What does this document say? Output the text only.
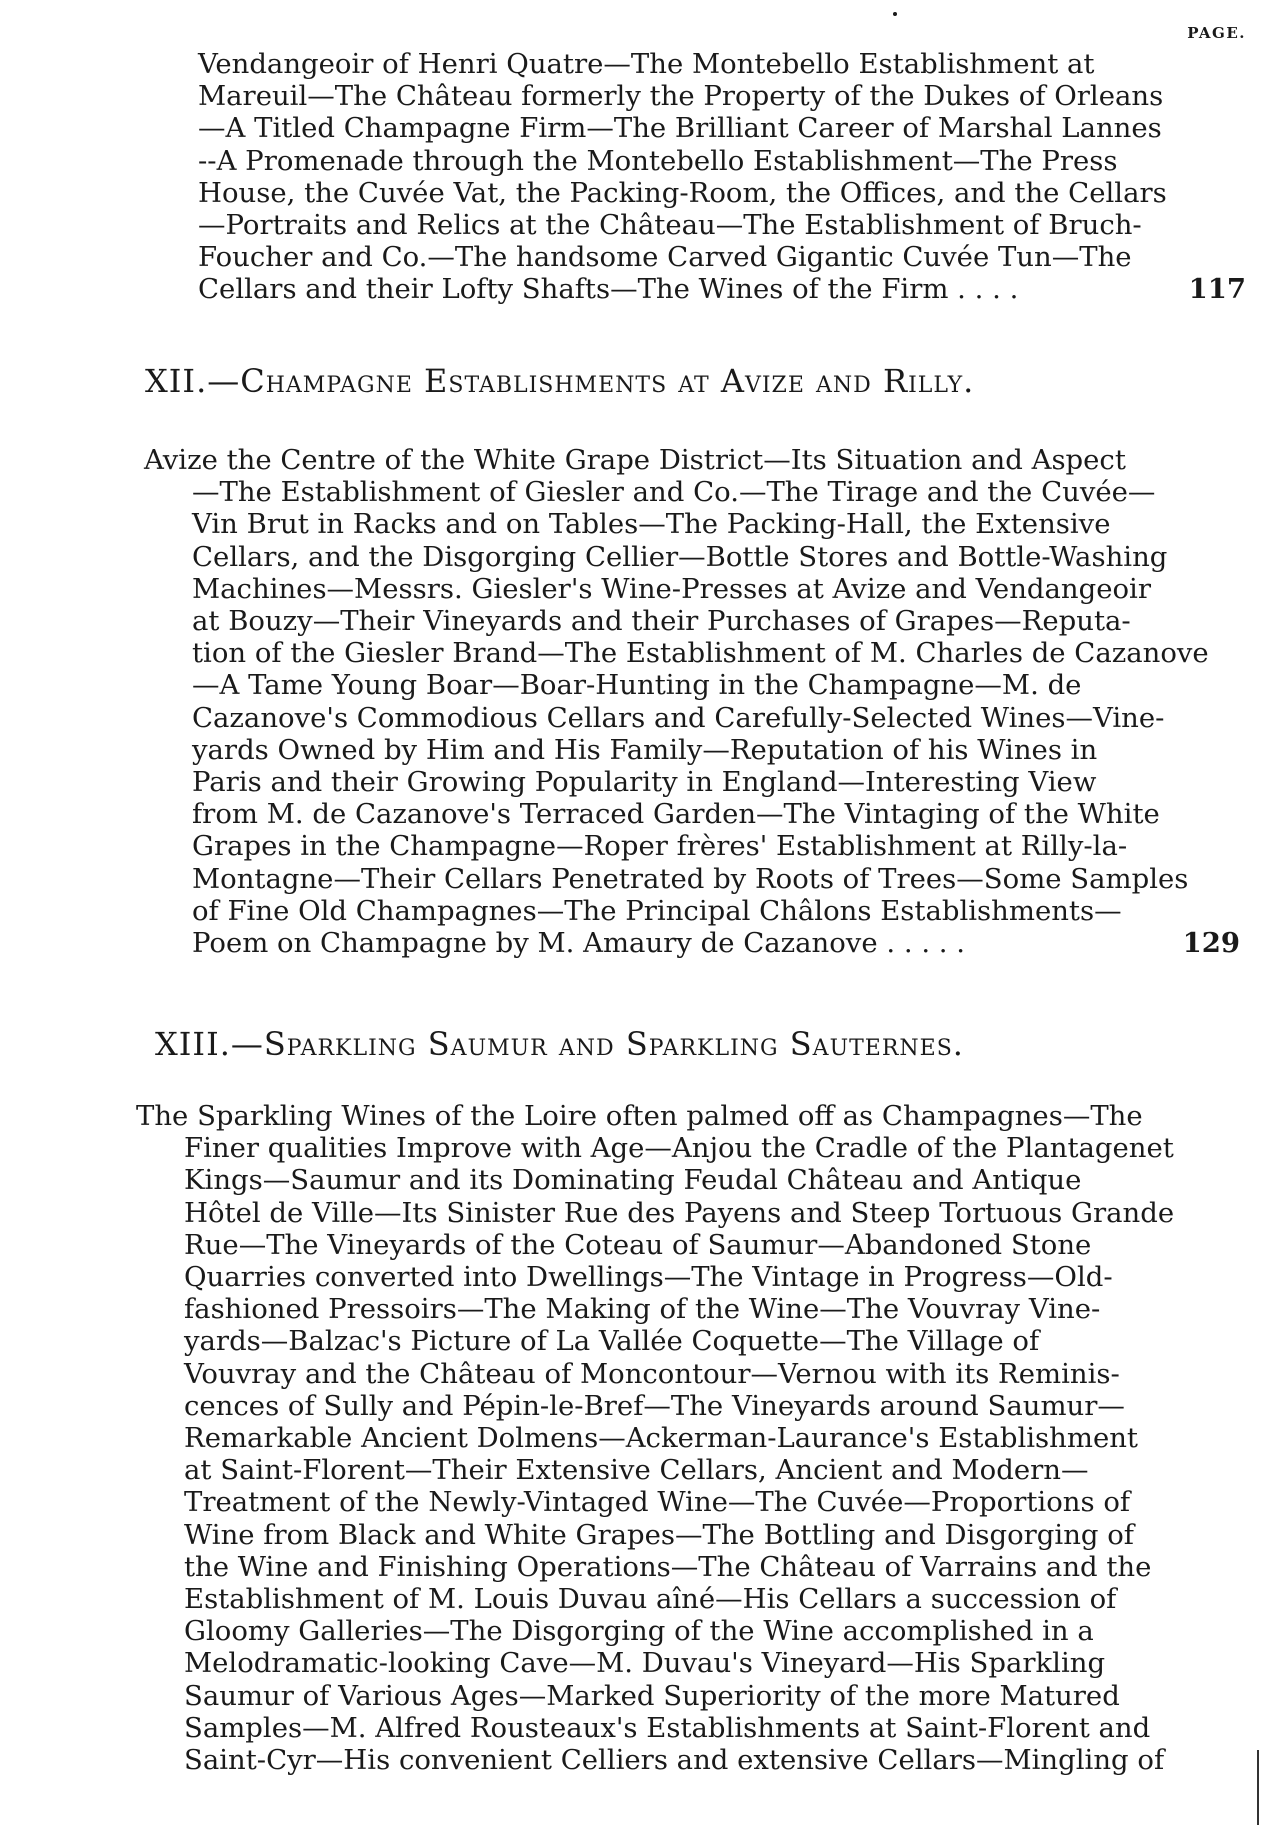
PAGE.
Vendangeoir of Henri Quatre—The Montebello Establishment at
Mareuil—The Château formerly the Property of the Dukes of Orleans
—A Titled Champagne Firm—The Brilliant Career of Marshal Lannes
--A Promenade through the Montebello Establishment—The Press
House, the Cuvée Vat, the Packing-Room, the Offices, and the Cellars
—Portraits and Relics at the Château—The Establishment of Bruch-
Foucher and Co.—The handsome Carved Gigantic Cuvée Tun—The
Cellars and their Lofty Shafts—The Wines of the Firm . . . .	117
XII.—Champagne Establishments at Avize and Rilly.
Avize the Centre of the White Grape District—Its Situation and Aspect
—The Establishment of Giesler and Co.—The Tirage and the Cuvée—
Vin Brut in Racks and on Tables—The Packing-Hall, the Extensive
Cellars, and the Disgorging Cellier—Bottle Stores and Bottle-Washing
Machines—Messrs. Giesler's Wine-Presses at Avize and Vendangeoir
at Bouzy—Their Vineyards and their Purchases of Grapes—Reputa-
tion of the Giesler Brand—The Establishment of M. Charles de Cazanove
—A Tame Young Boar—Boar-Hunting in the Champagne—M. de
Cazanove's Commodious Cellars and Carefully-Selected Wines—Vine-
yards Owned by Him and His Family—Reputation of his Wines in
Paris and their Growing Popularity in England—Interesting View
from M. de Cazanove's Terraced Garden—The Vintaging of the White
Grapes in the Champagne—Roper frères' Establishment at Rilly-la-
Montagne—Their Cellars Penetrated by Roots of Trees—Some Samples
of Fine Old Champagnes—The Principal Châlons Establishments—
Poem on Champagne by M. Amaury de Cazanove . . . . .	129
XIII.—Sparkling Saumur and Sparkling Sauternes.
The Sparkling Wines of the Loire often palmed off as Champagnes—The
Finer qualities Improve with Age—Anjou the Cradle of the Plantagenet
Kings—Saumur and its Dominating Feudal Château and Antique
Hôtel de Ville—Its Sinister Rue des Payens and Steep Tortuous Grande
Rue—The Vineyards of the Coteau of Saumur—Abandoned Stone
Quarries converted into Dwellings—The Vintage in Progress—Old-
fashioned Pressoirs—The Making of the Wine—The Vouvray Vine-
yards—Balzac's Picture of La Vallée Coquette—The Village of
Vouvray and the Château of Moncontour—Vernou with its Reminis-
cences of Sully and Pépin-le-Bref—The Vineyards around Saumur—
Remarkable Ancient Dolmens—Ackerman-Laurance's Establishment
at Saint-Florent—Their Extensive Cellars, Ancient and Modern—
Treatment of the Newly-Vintaged Wine—The Cuvée—Proportions of
Wine from Black and White Grapes—The Bottling and Disgorging of
the Wine and Finishing Operations—The Château of Varrains and the
Establishment of M. Louis Duvau aîné—His Cellars a succession of
Gloomy Galleries—The Disgorging of the Wine accomplished in a
Melodramatic-looking Cave—M. Duvau's Vineyard—His Sparkling
Saumur of Various Ages—Marked Superiority of the more Matured
Samples—M. Alfred Rousteaux's Establishments at Saint-Florent and
Saint-Cyr—His convenient Celliers and extensive Cellars—Mingling of
